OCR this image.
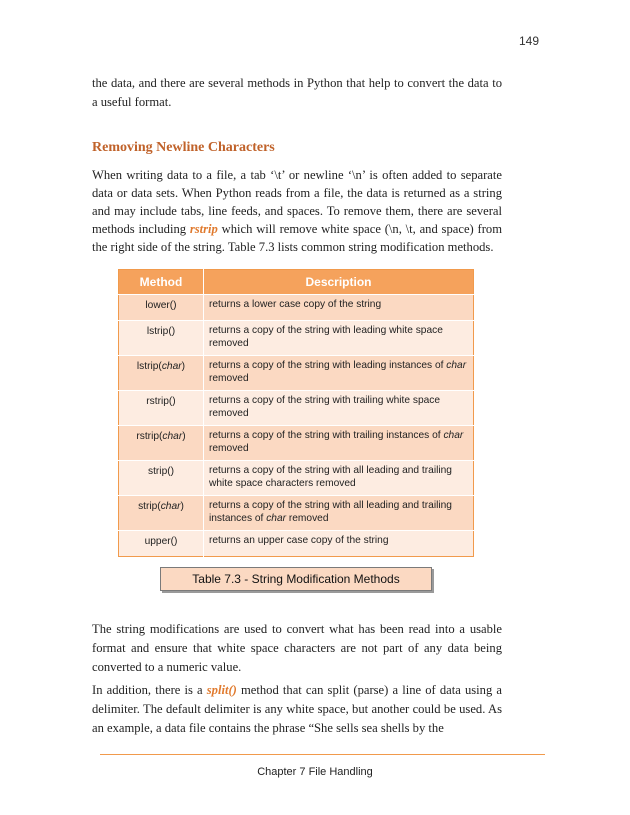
149

the data, and there are several methods in Python that help to convert the data to a useful format.

Removing Newline Characters

When writing data to a file, a tab ‘\t’ or newline ‘\n’ is often added to separate data or data sets. When Python reads from a file, the data is returned as a string and may include tabs, line feeds, and spaces. To remove them, there are several methods including rstrip which will remove white space (\n, \t, and space) from the right side of the string. Table 7.3 lists common string modification methods.

Method	Description
lower()	returns a lower case copy of the string
lstrip()	returns a copy of the string with leading white space removed
lstrip(char)	returns a copy of the string with leading instances of char removed
rstrip()	returns a copy of the string with trailing white space removed
rstrip(char)	returns a copy of the string with trailing instances of char removed
strip()	returns a copy of the string with all leading and trailing white space characters removed
strip(char)	returns a copy of the string with all leading and trailing instances of char removed
upper()	returns an upper case copy of the string
Table 7.3 - String Modification Methods

The string modifications are used to convert what has been read into a usable format and ensure that white space characters are not part of any data being converted to a numeric value.

In addition, there is a split() method that can split (parse) a line of data using a delimiter. The default delimiter is any white space, but another could be used. As an example, a data file contains the phrase “She sells sea shells by the

Chapter 7 File Handling
